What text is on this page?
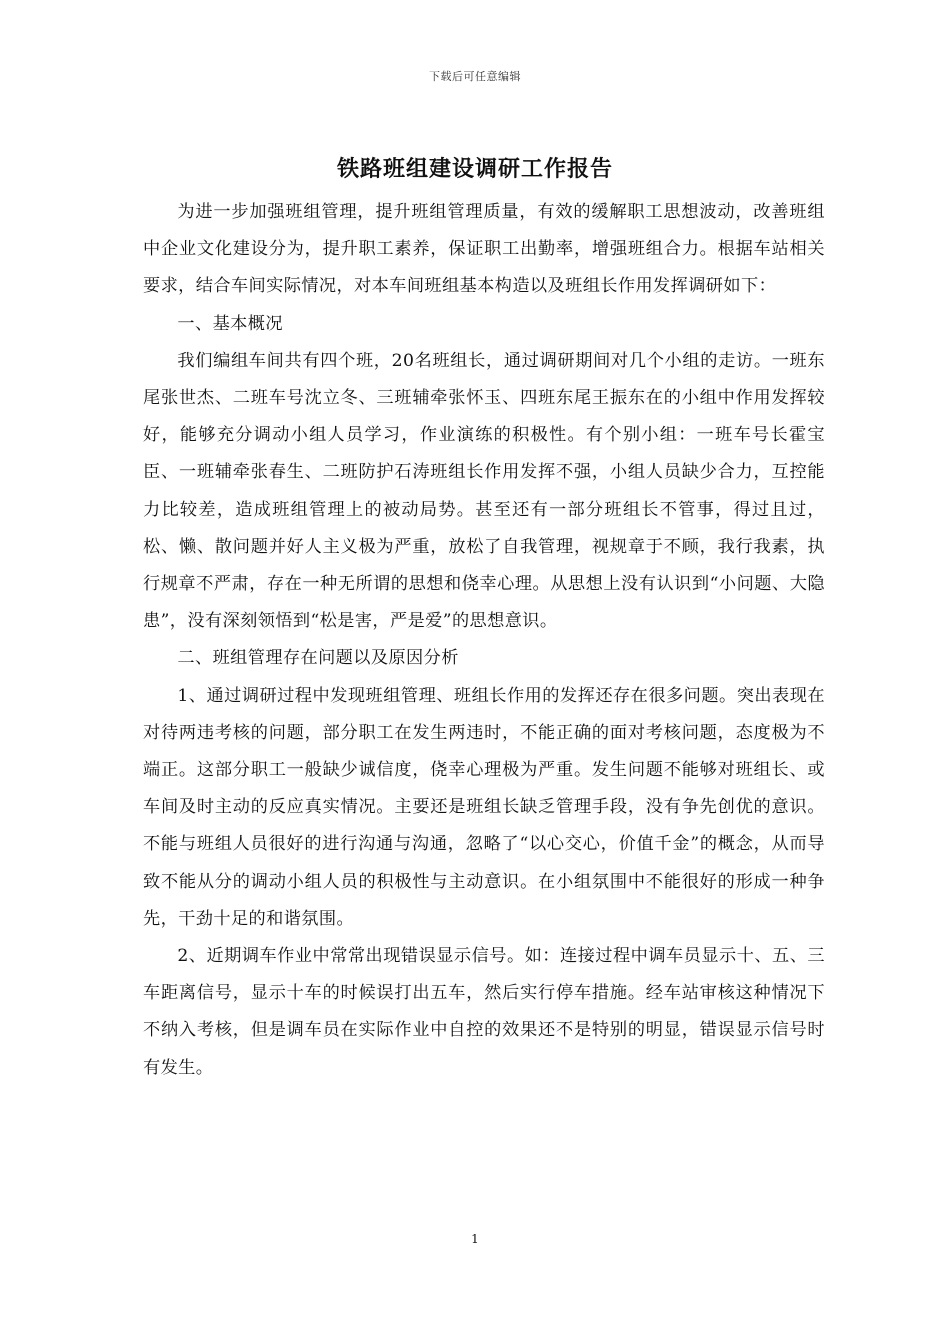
下载后可任意编辑
铁路班组建设调研工作报告

为进一步加强班组管理，提升班组管理质量，有效的缓解职工思想波动，改善班组中企业文化建设分为，提升职工素养，保证职工出勤率，增强班组合力。根据车站相关要求，结合车间实际情况，对本车间班组基本构造以及班组长作用发挥调研如下：

一、基本概况

我们编组车间共有四个班，20名班组长，通过调研期间对几个小组的走访。一班东尾张世杰、二班车号沈立冬、三班辅牵张怀玉、四班东尾王振东在的小组中作用发挥较好，能够充分调动小组人员学习，作业演练的积极性。有个别小组：一班车号长霍宝臣、一班辅牵张春生、二班防护石涛班组长作用发挥不强，小组人员缺少合力，互控能力比较差，造成班组管理上的被动局势。甚至还有一部分班组长不管事，得过且过，松、懒、散问题并好人主义极为严重，放松了自我管理，视规章于不顾，我行我素，执行规章不严肃，存在一种无所谓的思想和侥幸心理。从思想上没有认识到“小问题、大隐患”，没有深刻领悟到“松是害，严是爱”的思想意识。

二、班组管理存在问题以及原因分析

1、通过调研过程中发现班组管理、班组长作用的发挥还存在很多问题。突出表现在对待两违考核的问题，部分职工在发生两违时，不能正确的面对考核问题，态度极为不端正。这部分职工一般缺少诚信度，侥幸心理极为严重。发生问题不能够对班组长、或车间及时主动的反应真实情况。主要还是班组长缺乏管理手段，没有争先创优的意识。不能与班组人员很好的进行沟通与沟通，忽略了“以心交心，价值千金”的概念，从而导致不能从分的调动小组人员的积极性与主动意识。在小组氛围中不能很好的形成一种争先，干劲十足的和谐氛围。

2、近期调车作业中常常出现错误显示信号。如：连接过程中调车员显示十、五、三车距离信号，显示十车的时候误打出五车，然后实行停车措施。经车站审核这种情况下不纳入考核，但是调车员在实际作业中自控的效果还不是特别的明显，错误显示信号时有发生。

1
